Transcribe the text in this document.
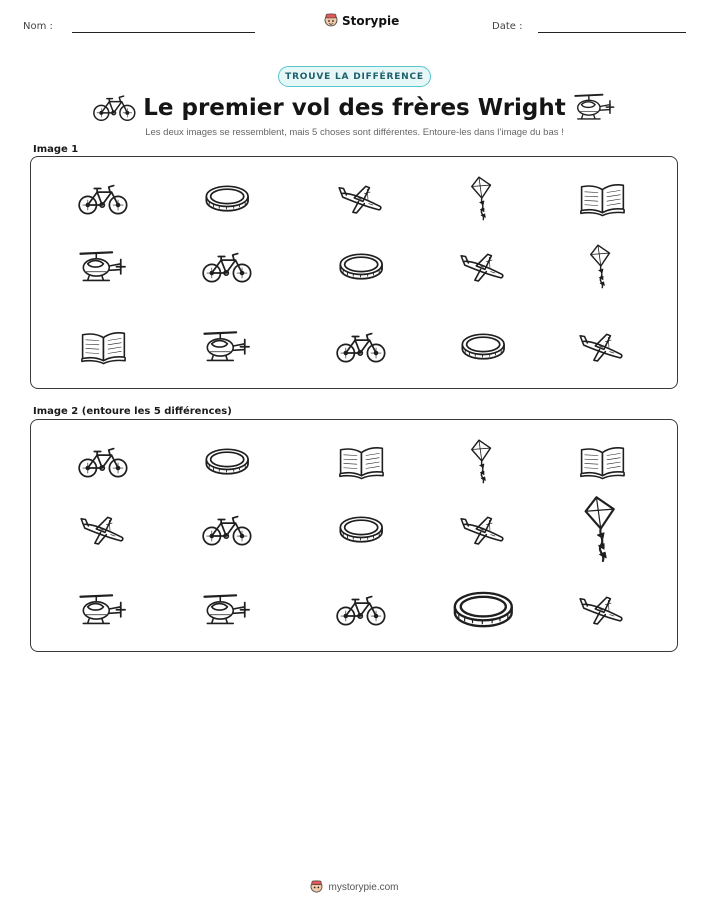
Nom :	Storypie	Date :
TROUVE LA DIFFÉRENCE
Le premier vol des frères Wright
Les deux images se ressemblent, mais 5 choses sont différentes. Entoure-les dans l’image du bas !
Image 1
Image 2 (entoure les 5 différences)
mystorypie.com
